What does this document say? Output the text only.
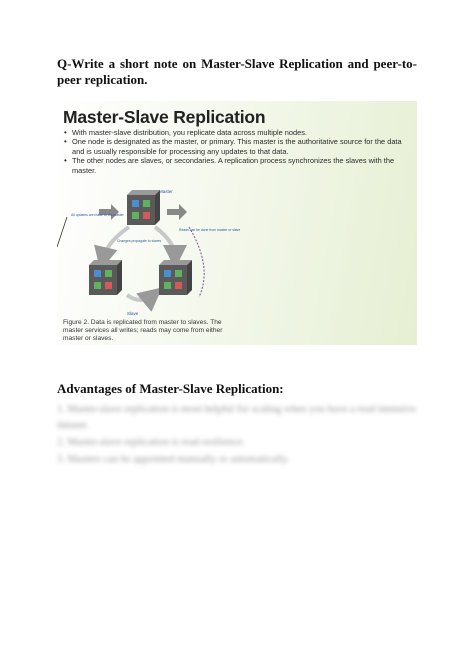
Q-Write a short note on Master-Slave Replication and peer-to-peer replication.
Master-Slave Replication
• With master-slave distribution, you replicate data across multiple nodes.
• One node is designated as the master, or primary. This master is the authoritative source for the data and is usually responsible for processing any updates to that data.
• The other nodes are slaves, or secondaries. A replication process synchronizes the slaves with the master.
Master
All updates are made to the master
Reads can be done from master or slave
Changes propagate to slaves
Slave
Figure 2. Data is replicated from master to slaves. The master services all writes; reads may come from either master or slaves.
Advantages of Master-Slave Replication:
1. Master-slave replication is most helpful for scaling when you have a read intensive dataset.
2. Master-slave replication is read resilience.
3. Masters can be appointed manually or automatically.
